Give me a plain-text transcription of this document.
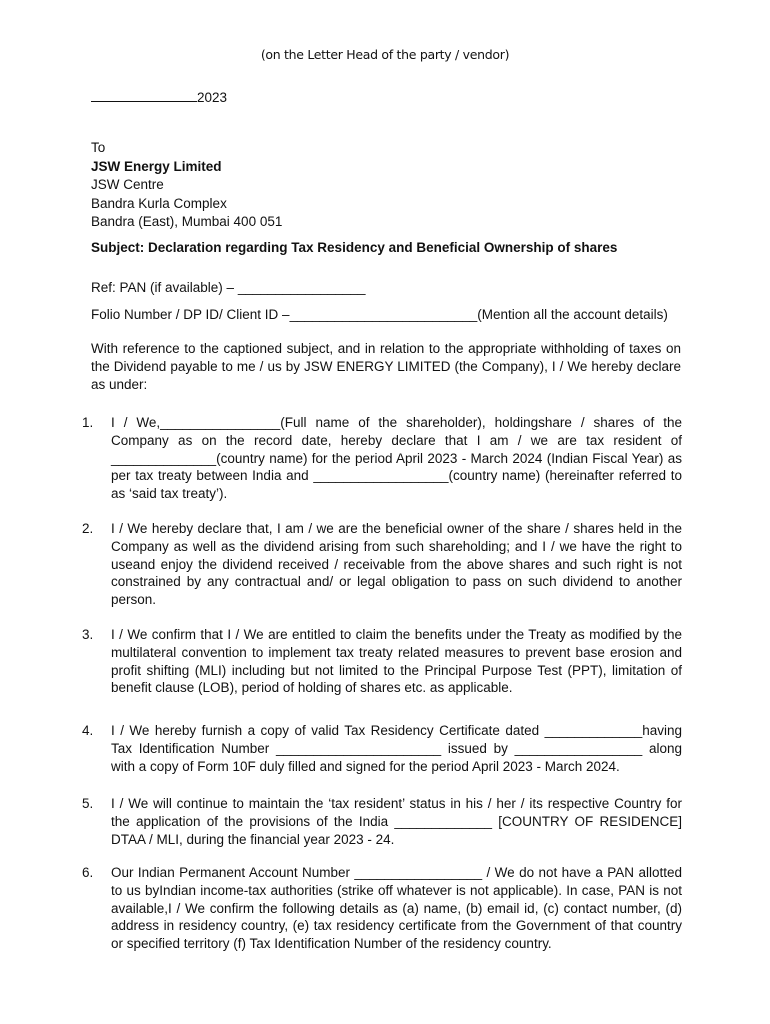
(on the Letter Head of the party / vendor)
2023
To
JSW Energy Limited
JSW Centre
Bandra Kurla Complex
Bandra (East), Mumbai 400 051
Subject: Declaration regarding Tax Residency and Beneficial Ownership of shares
Ref: PAN (if available) – _________________
Folio Number / DP ID/ Client ID –_________________________(Mention all the account details)
With reference to the captioned subject, and in relation to the appropriate withholding of taxes on the Dividend payable to me / us by JSW ENERGY LIMITED (the Company), I / We hereby declare as under:
1.	I / We,________________(Full name of the shareholder), holdingshare / shares of the Company as on the record date, hereby declare that I am / we are tax resident of ______________(country name) for the period April 2023 - March 2024 (Indian Fiscal Year) as per tax treaty between India and __________________(country name) (hereinafter referred to as ‘said tax treaty’).
2.	I / We hereby declare that, I am / we are the beneficial owner of the share / shares held in the Company as well as the dividend arising from such shareholding; and I / we have the right to useand enjoy the dividend received / receivable from the above shares and such right is not constrained by any contractual and/ or legal obligation to pass on such dividend to another person.
3.	I / We confirm that I / We are entitled to claim the benefits under the Treaty as modified by the multilateral convention to implement tax treaty related measures to prevent base erosion and profit shifting (MLI) including but not limited to the Principal Purpose Test (PPT), limitation of benefit clause (LOB), period of holding of shares etc. as applicable.
4.	I / We hereby furnish a copy of valid Tax Residency Certificate dated _____________having Tax Identification Number ______________________ issued by _________________ along with a copy of Form 10F duly filled and signed for the period April 2023 - March 2024.
5.	I / We will continue to maintain the ‘tax resident’ status in his / her / its respective Country for the application of the provisions of the India _____________ [COUNTRY OF RESIDENCE] DTAA / MLI, during the financial year 2023 - 24.
6.	Our Indian Permanent Account Number _________________ / We do not have a PAN allotted to us byIndian income-tax authorities (strike off whatever is not applicable). In case, PAN is not available,I / We confirm the following details as (a) name, (b) email id, (c) contact number, (d) address in residency country, (e) tax residency certificate from the Government of that country or specified territory (f) Tax Identification Number of the residency country.
